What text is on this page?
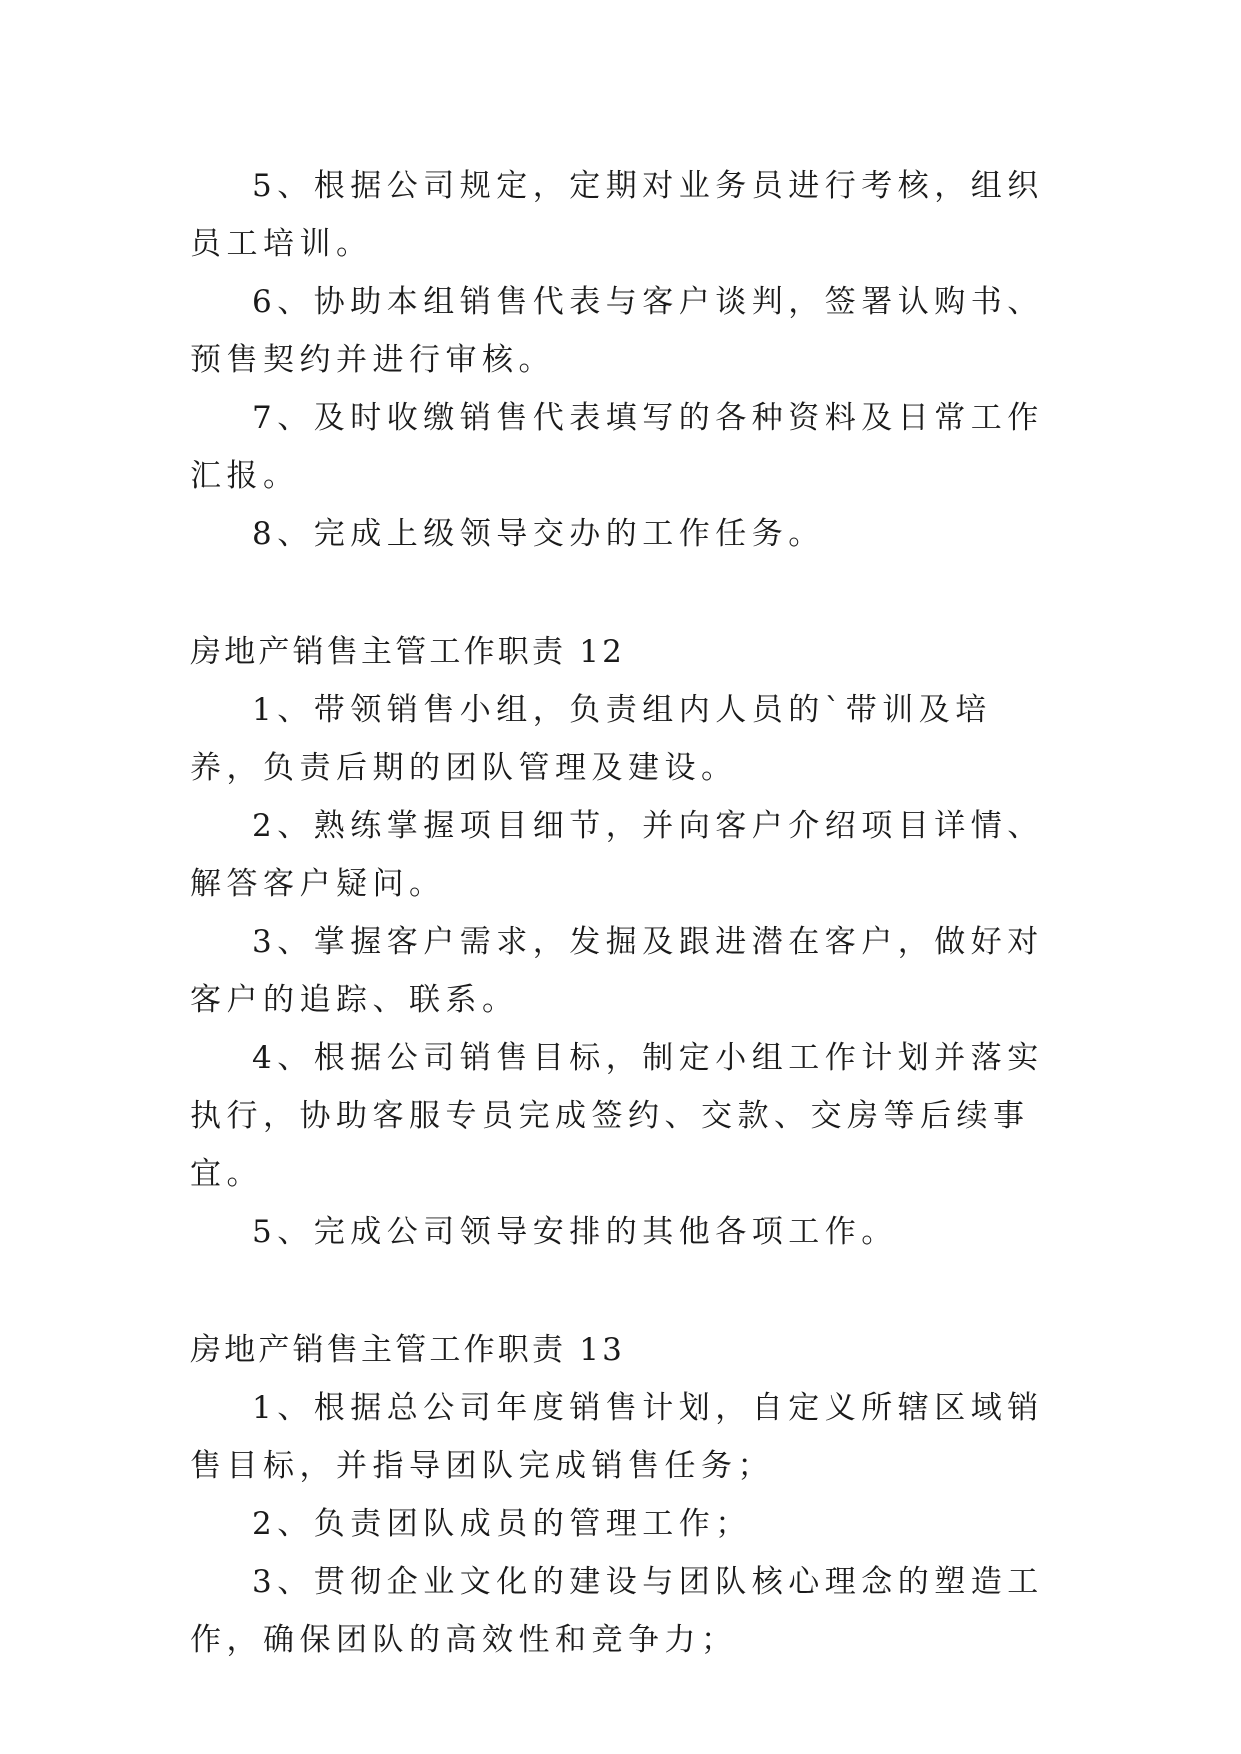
5、根据公司规定，定期对业务员进行考核，组织员工培训。

6、协助本组销售代表与客户谈判，签署认购书、预售契约并进行审核。

7、及时收缴销售代表填写的各种资料及日常工作汇报。

8、完成上级领导交办的工作任务。

房地产销售主管工作职责 12

1、带领销售小组，负责组内人员的`带训及培养，负责后期的团队管理及建设。

2、熟练掌握项目细节，并向客户介绍项目详情、解答客户疑问。

3、掌握客户需求，发掘及跟进潜在客户，做好对客户的追踪、联系。

4、根据公司销售目标，制定小组工作计划并落实执行，协助客服专员完成签约、交款、交房等后续事宜。

5、完成公司领导安排的其他各项工作。

房地产销售主管工作职责 13

1、根据总公司年度销售计划，自定义所辖区域销售目标，并指导团队完成销售任务；

2、负责团队成员的管理工作；

3、贯彻企业文化的建设与团队核心理念的塑造工作，确保团队的高效性和竞争力；
